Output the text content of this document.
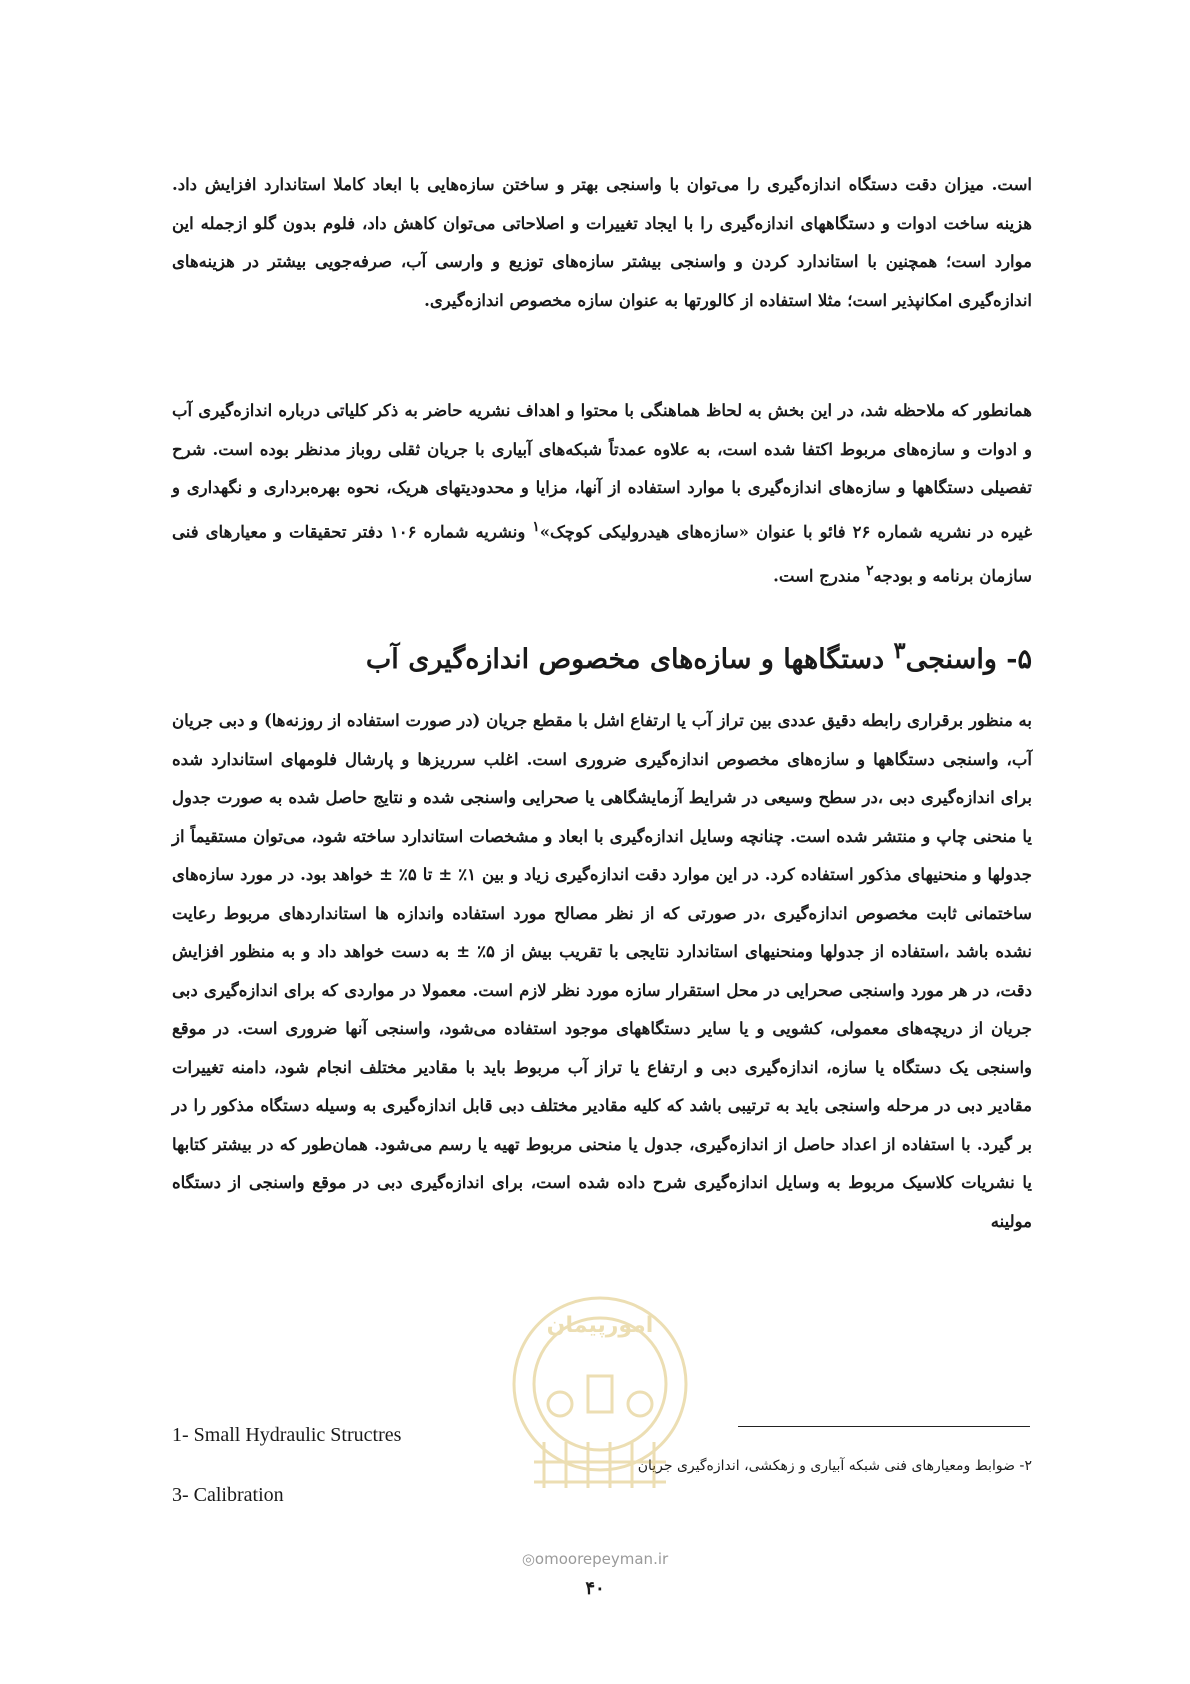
است. میزان دقت دستگاه اندازه‌گیری را می‌توان با واسنجی بهتر و ساختن سازه‌هایی با ابعاد کاملا استاندارد افزایش داد. هزینه ساخت ادوات و دستگاههای اندازه‌گیری را با ایجاد تغییرات و اصلاحاتی می‌توان کاهش داد، فلوم بدون گلو ازجمله این موارد است؛ همچنین با استاندارد کردن و واسنجی بیشتر سازه‌های توزیع و وارسی آب، صرفه‌جویی بیشتر در هزینه‌های اندازه‌گیری امکانپذیر است؛ مثلا استفاده از کالورتها به عنوان سازه مخصوص اندازه‌گیری.
همانطور که ملاحظه شد، در این بخش به لحاظ هماهنگی با محتوا و اهداف نشریه حاضر به ذکر کلیاتی درباره اندازه‌گیری آب و ادوات و سازه‌های مربوط اکتفا شده است، به علاوه عمدتاً شبکه‌های آبیاری با جریان ثقلی روباز مدنظر بوده است. شرح تفصیلی دستگاهها و سازه‌های اندازه‌گیری با موارد استفاده از آنها، مزایا و محدودیتهای هریک، نحوه بهره‌برداری و نگهداری و غیره در نشریه شماره ۲۶ فائو با عنوان «سازه‌های هیدرولیکی کوچک»$^۱$ ونشریه شماره ۱۰۶ دفتر تحقیقات و معیارهای فنی سازمان برنامه و بودجه$^۲$ مندرج است.
۵- واسنجی$^۳$ دستگاهها و سازه‌های مخصوص اندازه‌گیری آب
به منظور برقراری رابطه دقیق عددی بین تراز آب یا ارتفاع اشل با مقطع جریان (در صورت استفاده از روزنه‌ها) و دبی جریان آب، واسنجی دستگاهها و سازه‌های مخصوص اندازه‌گیری ضروری است. اغلب سرریزها و پارشال فلومهای استاندارد شده برای اندازه‌گیری دبی ،در سطح وسیعی در شرایط آزمایشگاهی یا صحرایی واسنجی شده و نتایج حاصل شده به صورت جدول یا منحنی چاپ و منتشر شده است. چنانچه وسایل اندازه‌گیری با ابعاد و مشخصات استاندارد ساخته شود، می‌توان مستقیماً از جدولها و منحنیهای مذکور استفاده کرد. در این موارد دقت اندازه‌گیری زیاد و بین ۱٪ ± تا ۵٪ ± خواهد بود. در مورد سازه‌های ساختمانی ثابت مخصوص اندازه‌گیری ،در صورتی که از نظر مصالح مورد استفاده واندازه ها استانداردهای مربوط رعایت نشده باشد ،استفاده از جدولها ومنحنیهای استاندارد نتایجی با تقریب بیش از ۵٪ ± به دست خواهد داد و به منظور افزایش دقت، در هر مورد واسنجی صحرایی در محل استقرار سازه مورد نظر لازم است. معمولا در مواردی که برای اندازه‌گیری دبی جریان از دریچه‌های معمولی، کشویی و یا سایر دستگاههای موجود استفاده می‌شود، واسنجی آنها ضروری است. در موقع واسنجی یک دستگاه یا سازه، اندازه‌گیری دبی و ارتفاع یا تراز آب مربوط باید با مقادیر مختلف انجام شود، دامنه تغییرات مقادیر دبی در مرحله واسنجی باید به ترتیبی باشد که کلیه مقادیر مختلف دبی قابل اندازه‌گیری به وسیله دستگاه مذکور را در بر گیرد. با استفاده از اعداد حاصل از اندازه‌گیری، جدول یا منحنی مربوط تهیه یا رسم می‌شود. همان‌طور که در بیشتر کتابها یا نشریات کلاسیک مربوط به وسایل اندازه‌گیری شرح داده شده است، برای اندازه‌گیری دبی در موقع واسنجی از دستگاه مولینه
1- Small Hydraulic Structres
۲- ضوابط ومعیارهای فنی شبکه آبیاری و زهکشی، اندازه‌گیری جریان
3- Calibration
امورپیمان
◎omoorepeyman.ir
۴۰
